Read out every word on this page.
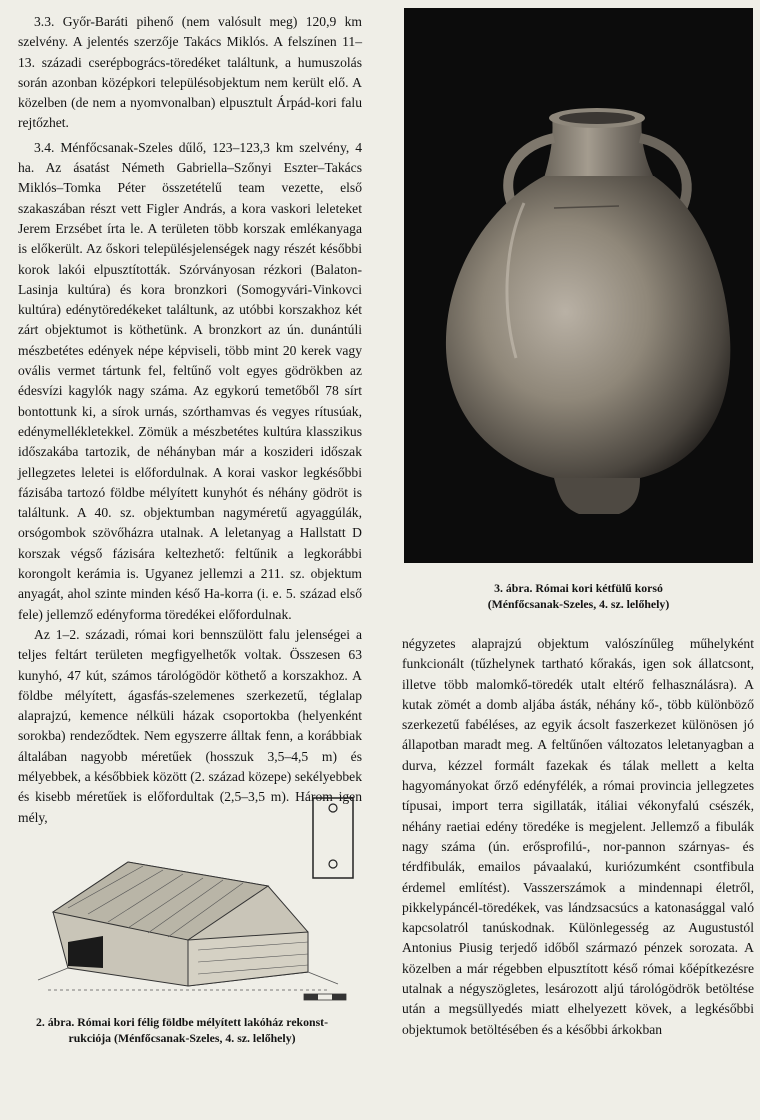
3.3. Győr-Baráti pihenő (nem valósult meg) 120,9 km szelvény. A jelentés szerzője Takács Miklós. A felszínen 11–13. századi cserépbogrács-töredéket találtunk, a humuszolás során azonban középkori településobjektum nem került elő. A közelben (de nem a nyomvonalban) elpusztult Árpád-kori falu rejtőzhet.

3.4. Ménfőcsanak-Szeles dűlő, 123–123,3 km szelvény, 4 ha. Az ásatást Németh Gabriella–Szőnyi Eszter–Takács Miklós–Tomka Péter összetételű team vezette, első szakaszában részt vett Figler András, a kora vaskori leleteket Jerem Erzsébet írta le. A területen több korszak emlékanyaga is előkerült. Az őskori településjelenségek nagy részét későbbi korok lakói elpusztították. Szórványosan rézkori (Balaton-Lasinja kultúra) és kora bronzkori (Somogyvári-Vinkovci kultúra) edénytöredékeket találtunk, az utóbbi korszakhoz két zárt objektumot is köthetünk. A bronzkort az ún. dunántúli mészbetétes edények népe képviseli, több mint 20 kerek vagy ovális vermet tártunk fel, feltűnő volt egyes gödrökben az édesvízi kagylók nagy száma. Az egykorú temetőből 78 sírt bontottunk ki, a sírok urnás, szórthamvas és vegyes rítusúak, edénymellékletekkel. Zömük a mészbetétes kultúra klasszikus időszakába tartozik, de néhányban már a koszideri időszak jellegzetes leletei is előfordulnak. A korai vaskor legkésőbbi fázisába tartozó földbe mélyített kunyhót és néhány gödröt is találtunk. A 40. sz. objektumban nagyméretű agyaggúlák, orsógombok szövőházra utalnak. A leletanyag a Hallstatt D korszak végső fázisára keltezhető: feltűnik a legkorábbi korongolt kerámia is. Ugyanez jellemzi a 211. sz. objektum anyagát, ahol szinte minden késő Ha-korra (i. e. 5. század első fele) jellemző edényforma töredékei előfordulnak.

Az 1–2. századi, római kori bennszülött falu jelenségei a teljes feltárt területen megfigyelhetők voltak. Összesen 63 kunyhó, 47 kút, számos tárológödör köthető a korszakhoz. A földbe mélyített, ágasfás-szelemenes szerkezetű, téglalap alaprajzú, kemence nélküli házak csoportokba (helyenként sorokba) rendeződtek. Nem egyszerre álltak fenn, a korábbiak általában nagyobb méretűek (hosszuk 3,5–4,5 m) és mélyebbek, a későbbiek között (2. század közepe) sekélyebbek és kisebb méretűek is előfordultak (2,5–3,5 m). Három igen mély,

3. ábra. Római kori kétfülű korsó
(Ménfőcsanak-Szeles, 4. sz. lelőhely)

négyzetes alaprajzú objektum valószínűleg műhelyként funkcionált (tűzhelynek tartható kőrakás, igen sok állatcsont, illetve több malomkő-töredék utalt eltérő felhasználásra). A kutak zömét a domb aljába ásták, néhány kő-, több különböző szerkezetű fabéléses, az egyik ácsolt faszerkezet különösen jó állapotban maradt meg. A feltűnően változatos leletanyagban a durva, kézzel formált fazekak és tálak mellett a kelta hagyományokat őrző edényfélék, a római provincia jellegzetes típusai, import terra sigillaták, itáliai vékonyfalú csészék, néhány raetiai edény töredéke is megjelent. Jellemző a fibulák nagy száma (ún. erősprofilú-, nor-pannon szárnyas- és térdfibulák, emailos pávaalakú, kuriózumként csontfibula érdemel említést). Vasszerszámok a mindennapi életről, pikkelypáncél-töredékek, vas lándzsacsúcs a katonasággal való kapcsolatról tanúskodnak. Különlegesség az Augustustól Antonius Piusig terjedő időből származó pénzek sorozata. A közelben a már régebben elpusztított késő római kőépítkezésre utalnak a négyszögletes, lesározott aljú tárológödrök betöltése után a megsüllyedés miatt elhelyezett kövek, a legkésőbbi objektumok betöltésében és a későbbi árkokban

2. ábra. Római kori félig földbe mélyített lakóház rekonst-
rukciója (Ménfőcsanak-Szeles, 4. sz. lelőhely)
